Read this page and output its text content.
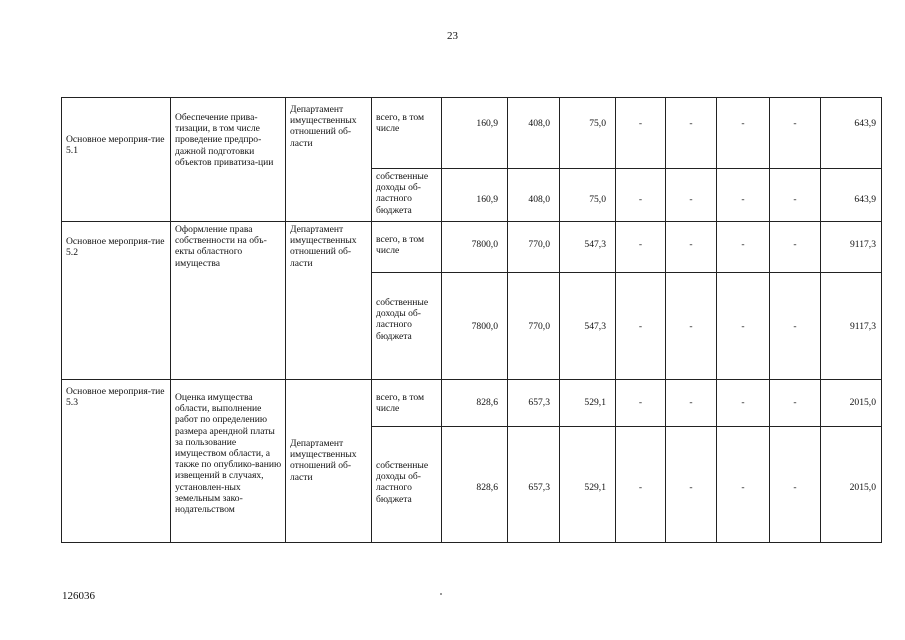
23
Основное мероприя-тие 5.1	Обеспечение прива-тизации, в том числе проведение предпро-дажной подготовки объектов приватиза-ции	Департамент имущественных отношений об-ласти	всего, в том числе	160,9	408,0	75,0	-	-	-	-	643,9

			собственные доходы об-ластного бюджета	160,9	408,0	75,0	-	-	-	-	643,9

Основное мероприя-тие 5.2	Оформление права собственности на объ-екты областного имущества	Департамент имущественных отношений об-ласти	всего, в том числе	7800,0	770,0	547,3	-	-	-	-	9117,3

			собственные доходы об-ластного бюджета	7800,0	770,0	547,3	-	-	-	-	9117,3

Основное мероприя-тие 5.3	Оценка имущества области, выполнение работ по определению размера арендной платы за пользование имуществом области, а также по опублико-ванию извещений в случаях, установлен-ных земельным зако-нодательством	Департамент имущественных отношений об-ласти	всего, в том числе	828,6	657,3	529,1	-	-	-	-	2015,0

			собственные доходы об-ластного бюджета	828,6	657,3	529,1	-	-	-	-	2015,0
126036
